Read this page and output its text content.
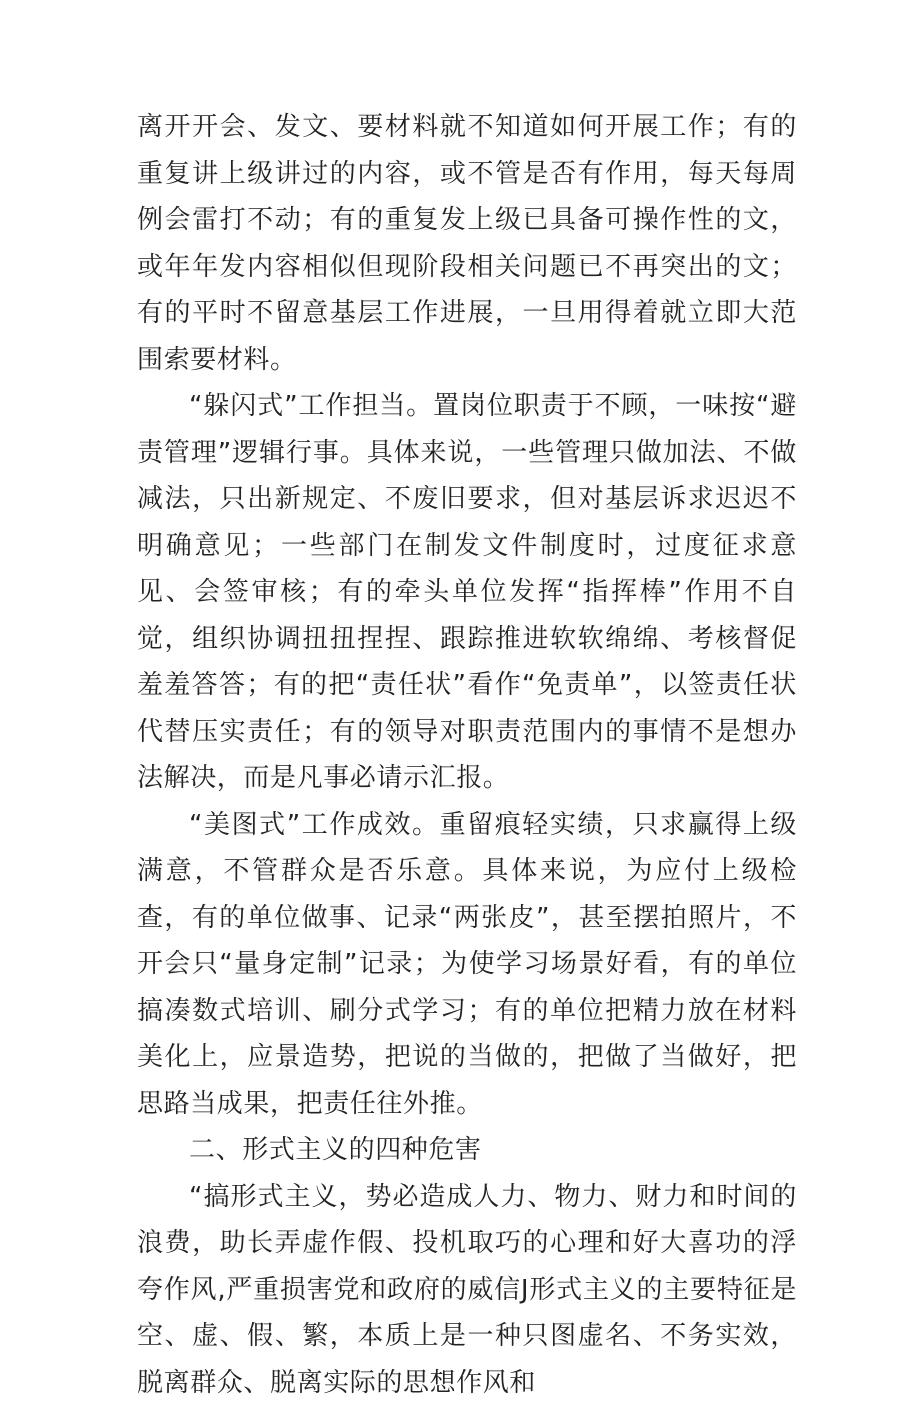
离开开会、发文、要材料就不知道如何开展工作；有的重复讲上级讲过的内容，或不管是否有作用，每天每周例会雷打不动；有的重复发上级已具备可操作性的文，或年年发内容相似但现阶段相关问题已不再突出的文；有的平时不留意基层工作进展，一旦用得着就立即大范围索要材料。

“躲闪式”工作担当。置岗位职责于不顾，一味按“避责管理”逻辑行事。具体来说，一些管理只做加法、不做减法，只出新规定、不废旧要求，但对基层诉求迟迟不明确意见；一些部门在制发文件制度时，过度征求意见、会签审核；有的牵头单位发挥“指挥棒”作用不自觉，组织协调扭扭捏捏、跟踪推进软软绵绵、考核督促羞羞答答；有的把“责任状”看作“免责单”，以签责任状代替压实责任；有的领导对职责范围内的事情不是想办法解决，而是凡事必请示汇报。

“美图式”工作成效。重留痕轻实绩，只求赢得上级满意，不管群众是否乐意。具体来说，为应付上级检查，有的单位做事、记录“两张皮”，甚至摆拍照片，不开会只“量身定制”记录；为使学习场景好看，有的单位搞凑数式培训、刷分式学习；有的单位把精力放在材料美化上，应景造势，把说的当做的，把做了当做好，把思路当成果，把责任往外推。

二、形式主义的四种危害

“搞形式主义，势必造成人力、物力、财力和时间的浪费，助长弄虚作假、投机取巧的心理和好大喜功的浮夸作风,严重损害党和政府的威信J形式主义的主要特征是空、虚、假、繁，本质上是一种只图虚名、不务实效，脱离群众、脱离实际的思想作风和
